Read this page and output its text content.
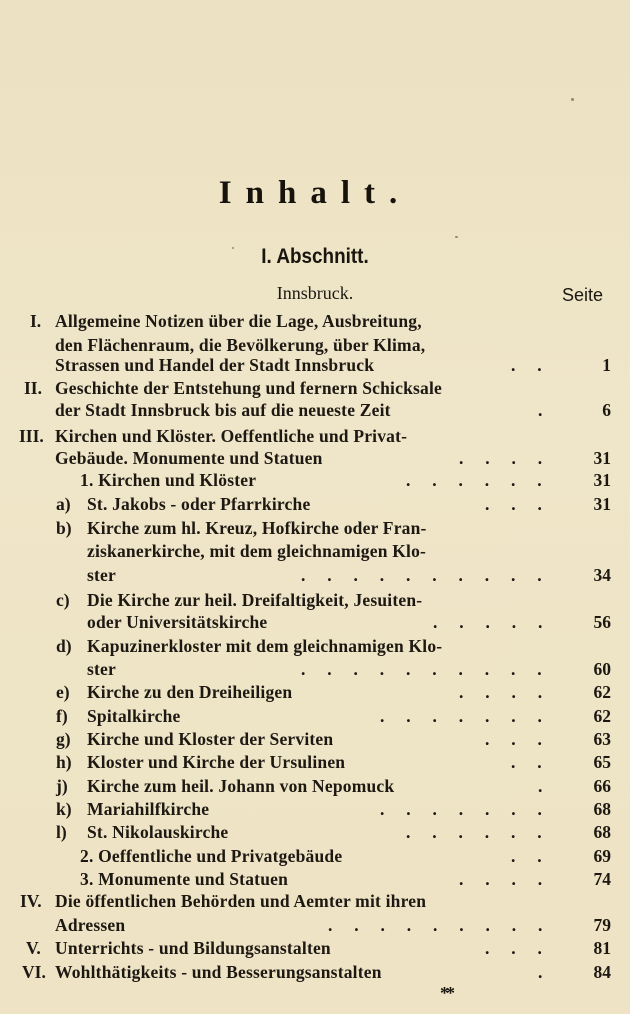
Inhalt.
I. Abschnitt.
Innsbruck.	Seite
I. Allgemeine Notizen über die Lage, Ausbreitung,
den Flächenraum, die Bevölkerung, über Klima,
Strassen und Handel der Stadt Innsbruck	.     .	1
II. Geschichte der Entstehung und fernern Schicksale
der Stadt Innsbruck bis auf die neueste Zeit	.	6
III. Kirchen und Klöster. Oeffentliche und Privat-
Gebäude. Monumente und Statuen	.     .     .     .	31
1. Kirchen und Klöster	.     .     .     .     .     .	31
a) St. Jakobs - oder Pfarrkirche	.     .     .	31
b) Kirche zum hl. Kreuz, Hofkirche oder Fran-
ziskanerkirche, mit dem gleichnamigen Klo-
ster	.     .     .     .     .     .     .     .     .     .	34
c) Die Kirche zur heil. Dreifaltigkeit, Jesuiten-
oder Universitätskirche	.     .     .     .     .	56
d) Kapuzinerkloster mit dem gleichnamigen Klo-
ster	.     .     .     .     .     .     .     .     .     .	60
e) Kirche zu den Dreiheiligen	.     .     .     .	62
f) Spitalkirche	.     .     .     .     .     .     .	62
g) Kirche und Kloster der Serviten	.     .     .	63
h) Kloster und Kirche der Ursulinen	.     .	65
j) Kirche zum heil. Johann von Nepomuck	.	66
k) Mariahilfkirche	.     .     .     .     .     .     .	68
l) St. Nikolauskirche	.     .     .     .     .     .	68
2. Oeffentliche und Privatgebäude	.     .	69
3. Monumente und Statuen	.     .     .     .	74
IV. Die öffentlichen Behörden und Aemter mit ihren
Adressen	.     .     .     .     .     .     .     .     .	79
V. Unterrichts - und Bildungsanstalten	.     .     .	81
VI. Wohlthätigkeits - und Besserungsanstalten	.	84
**
